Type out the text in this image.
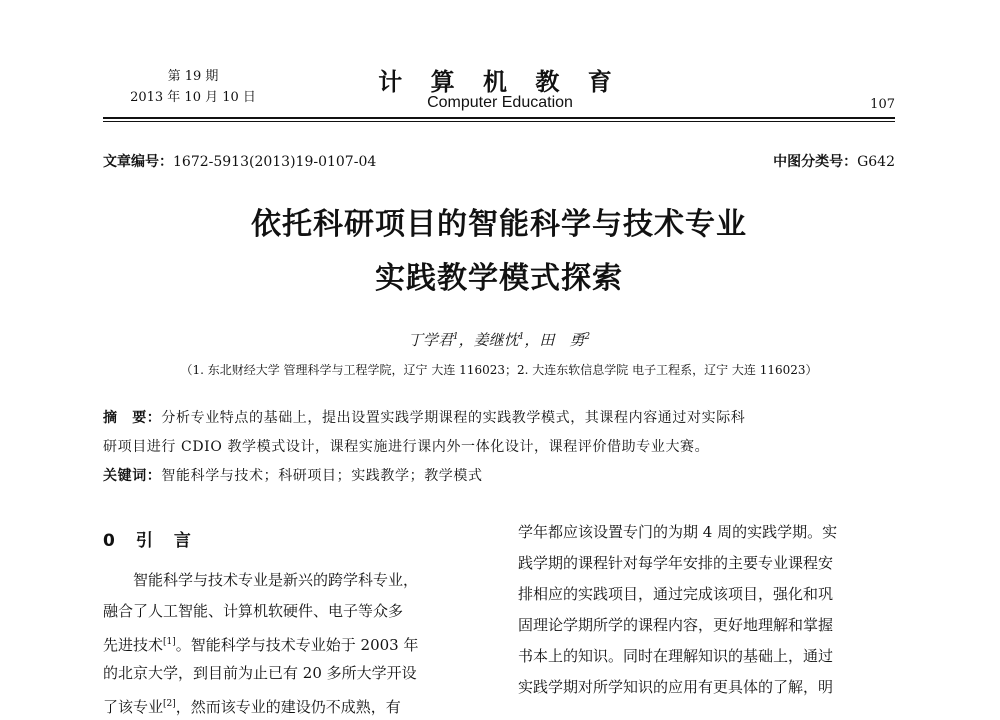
第 19 期
2013 年 10 月 10 日
计 算 机 教 育
Computer Education	107
文章编号：1672-5913(2013)19-0107-04	中图分类号：G642
依托科研项目的智能科学与技术专业
实践教学模式探索
丁学君$^1$，姜继忱$^1$，田　勇$^2$
（1. 东北财经大学 管理科学与工程学院，辽宁 大连 116023；2. 大连东软信息学院 电子工程系，辽宁 大连 116023）

摘　要：分析专业特点的基础上，提出设置实践学期课程的实践教学模式，其课程内容通过对实际科

研项目进行 CDIO 教学模式设计，课程实施进行课内外一体化设计，课程评价借助专业大赛。

关键词：智能科学与技术；科研项目；实践教学；教学模式

0　引　言
智能科学与技术专业是新兴的跨学科专业，
融合了人工智能、计算机软硬件、电子等众多
先进技术[1]。智能科学与技术专业始于 2003 年
的北京大学，到目前为止已有 20 多所大学开设
了该专业[2]，然而该专业的建设仍不成熟，有
学年都应该设置专门的为期 4 周的实践学期。实
践学期的课程针对每学年安排的主要专业课程安
排相应的实践项目，通过完成该项目，强化和巩
固理论学期所学的课程内容，更好地理解和掌握
书本上的知识。同时在理解知识的基础上，通过
实践学期对所学知识的应用有更具体的了解，明
